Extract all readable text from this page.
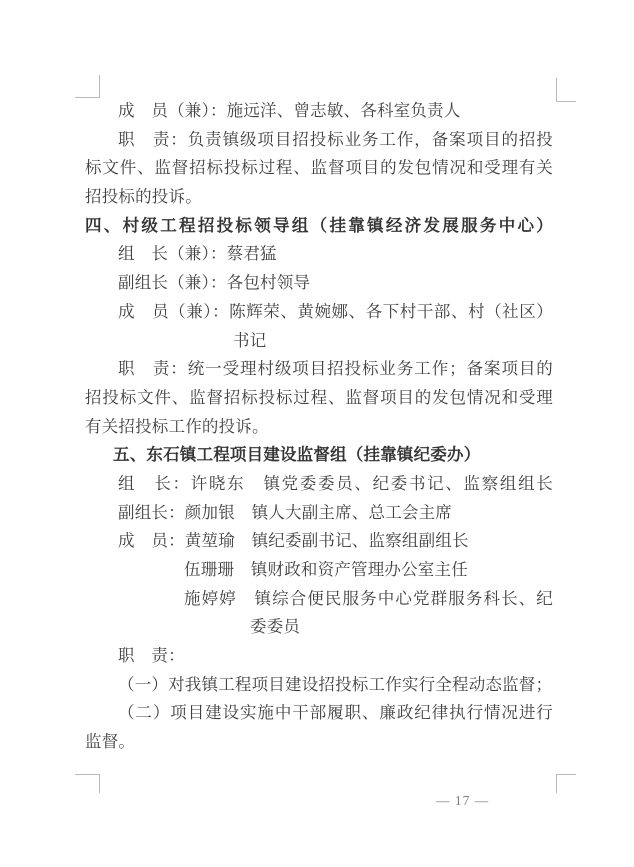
成　员（兼）：施远洋、曾志敏、各科室负责人
职　责：负责镇级项目招投标业务工作，备案项目的招投
标文件、监督招标投标过程、监督项目的发包情况和受理有关
招投标的投诉。
四、村级工程招投标领导组（挂靠镇经济发展服务中心）
组　长（兼）：蔡君猛
副组长（兼）：各包村领导
成　员（兼）：陈辉荣、黄婉娜、各下村干部、村（社区）
书记
职　责：统一受理村级项目招投标业务工作；备案项目的
招投标文件、监督招标投标过程、监督项目的发包情况和受理
有关招投标工作的投诉。
五、东石镇工程项目建设监督组（挂靠镇纪委办）
组　长：许晓东　镇党委委员、纪委书记、监察组组长
副组长：颜加银　镇人大副主席、总工会主席
成　员：黄堃瑜　镇纪委副书记、监察组副组长
伍珊珊　镇财政和资产管理办公室主任
施婷婷　镇综合便民服务中心党群服务科长、纪
委委员
职　责：
（一）对我镇工程项目建设招投标工作实行全程动态监督；
（二）项目建设实施中干部履职、廉政纪律执行情况进行
监督。
— 17 —
